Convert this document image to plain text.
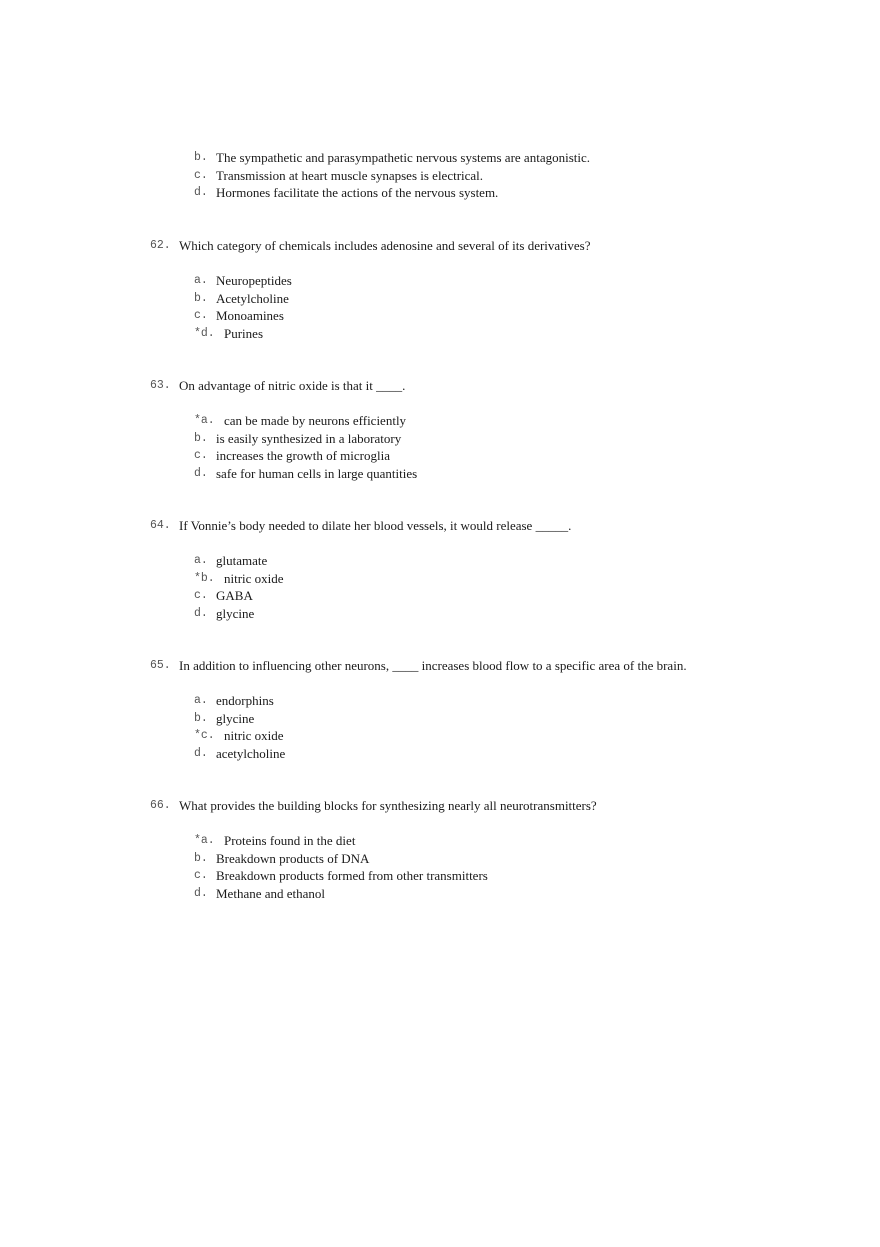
b. The sympathetic and parasympathetic nervous systems are antagonistic.
c. Transmission at heart muscle synapses is electrical.
d. Hormones facilitate the actions of the nervous system.
62. Which category of chemicals includes adenosine and several of its derivatives?
a. Neuropeptides
b. Acetylcholine
c. Monoamines
*d. Purines
63. On advantage of nitric oxide is that it ____.
*a. can be made by neurons efficiently
b. is easily synthesized in a laboratory
c. increases the growth of microglia
d. safe for human cells in large quantities
64. If Vonnie’s body needed to dilate her blood vessels, it would release _____.
a. glutamate
*b. nitric oxide
c. GABA
d. glycine
65. In addition to influencing other neurons, ____ increases blood flow to a specific area of the brain.
a. endorphins
b. glycine
*c. nitric oxide
d. acetylcholine
66. What provides the building blocks for synthesizing nearly all neurotransmitters?
*a. Proteins found in the diet
b. Breakdown products of DNA
c. Breakdown products formed from other transmitters
d. Methane and ethanol
